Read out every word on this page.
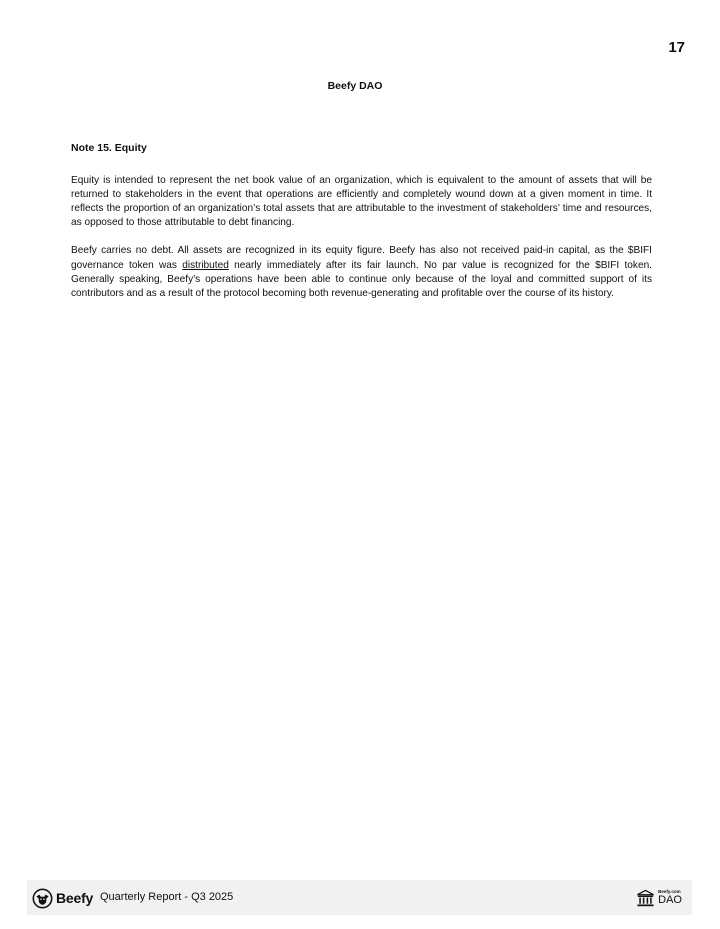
17
Beefy DAO

Note 15. Equity

Equity is intended to represent the net book value of an organization, which is equivalent to the amount of assets that will be returned to stakeholders in the event that operations are efficiently and completely wound down at a given moment in time. It reflects the proportion of an organization’s total assets that are attributable to the investment of stakeholders’ time and resources, as opposed to those attributable to debt financing.

Beefy carries no debt. All assets are recognized in its equity figure. Beefy has also not received paid-in capital, as the $BIFI governance token was distributed nearly immediately after its fair launch. No par value is recognized for the $BIFI token. Generally speaking, Beefy’s operations have been able to continue only because of the loyal and committed support of its contributors and as a result of the protocol becoming both revenue-generating and profitable over the course of its history.

Beefy Quarterly Report - Q3 2025	Beefy.com
DAO
